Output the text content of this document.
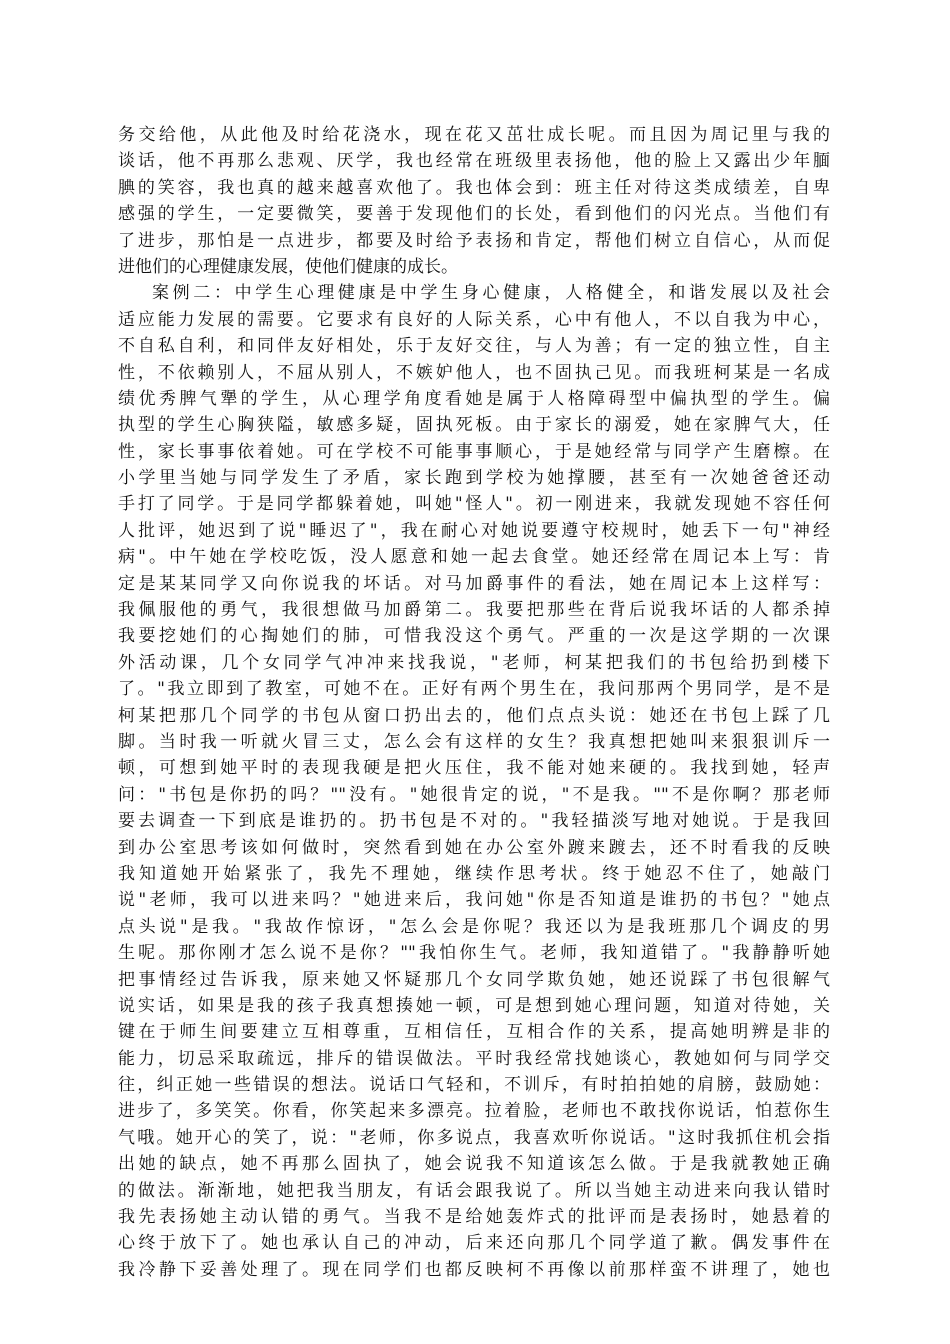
务交给他，从此他及时给花浇水，现在花又茁壮成长呢。而且因为周记里与我的
谈话，他不再那么悲观、厌学，我也经常在班级里表扬他，他的脸上又露出少年腼
腆的笑容，我也真的越来越喜欢他了。我也体会到：班主任对待这类成绩差，自卑
感强的学生，一定要微笑，要善于发现他们的长处，看到他们的闪光点。当他们有
了进步，那怕是一点进步，都要及时给予表扬和肯定，帮他们树立自信心，从而促
进他们的心理健康发展，使他们健康的成长。
案例二：中学生心理健康是中学生身心健康，人格健全，和谐发展以及社会
适应能力发展的需要。它要求有良好的人际关系，心中有他人，不以自我为中心，
不自私自利，和同伴友好相处，乐于友好交往，与人为善；有一定的独立性，自主
性，不依赖别人，不屈从别人，不嫉妒他人，也不固执己见。而我班柯某是一名成
绩优秀脾气犟的学生，从心理学角度看她是属于人格障碍型中偏执型的学生。偏
执型的学生心胸狭隘，敏感多疑，固执死板。由于家长的溺爱，她在家脾气大，任
性，家长事事依着她。可在学校不可能事事顺心，于是她经常与同学产生磨檫。在
小学里当她与同学发生了矛盾，家长跑到学校为她撑腰，甚至有一次她爸爸还动
手打了同学。于是同学都躲着她，叫她"怪人"。初一刚进来，我就发现她不容任何
人批评，她迟到了说"睡迟了"，我在耐心对她说要遵守校规时，她丢下一句"神经
病"。中午她在学校吃饭，没人愿意和她一起去食堂。她还经常在周记本上写：肯
定是某某同学又向你说我的坏话。对马加爵事件的看法，她在周记本上这样写：
我佩服他的勇气，我很想做马加爵第二。我要把那些在背后说我坏话的人都杀掉
我要挖她们的心掏她们的肺，可惜我没这个勇气。严重的一次是这学期的一次课
外活动课，几个女同学气冲冲来找我说，"老师，柯某把我们的书包给扔到楼下
了。"我立即到了教室，可她不在。正好有两个男生在，我问那两个男同学，是不是
柯某把那几个同学的书包从窗口扔出去的，他们点点头说：她还在书包上踩了几
脚。当时我一听就火冒三丈，怎么会有这样的女生？我真想把她叫来狠狠训斥一
顿，可想到她平时的表现我硬是把火压住，我不能对她来硬的。我找到她，轻声
问："书包是你扔的吗？""没有。"她很肯定的说，"不是我。""不是你啊？那老师
要去调查一下到底是谁扔的。扔书包是不对的。"我轻描淡写地对她说。于是我回
到办公室思考该如何做时，突然看到她在办公室外踱来踱去，还不时看我的反映
我知道她开始紧张了，我先不理她，继续作思考状。终于她忍不住了，她敲门
说"老师，我可以进来吗？"她进来后，我问她"你是否知道是谁扔的书包？"她点
点头说"是我。"我故作惊讶，"怎么会是你呢？我还以为是我班那几个调皮的男
生呢。那你刚才怎么说不是你？""我怕你生气。老师，我知道错了。"我静静听她
把事情经过告诉我，原来她又怀疑那几个女同学欺负她，她还说踩了书包很解气
说实话，如果是我的孩子我真想揍她一顿，可是想到她心理问题，知道对待她，关
键在于师生间要建立互相尊重，互相信任，互相合作的关系，提高她明辨是非的
能力，切忌采取疏远，排斥的错误做法。平时我经常找她谈心，教她如何与同学交
往，纠正她一些错误的想法。说话口气轻和，不训斥，有时拍拍她的肩膀，鼓励她：
进步了，多笑笑。你看，你笑起来多漂亮。拉着脸，老师也不敢找你说话，怕惹你生
气哦。她开心的笑了，说："老师，你多说点，我喜欢听你说话。"这时我抓住机会指
出她的缺点，她不再那么固执了，她会说我不知道该怎么做。于是我就教她正确
的做法。渐渐地，她把我当朋友，有话会跟我说了。所以当她主动进来向我认错时
我先表扬她主动认错的勇气。当我不是给她轰炸式的批评而是表扬时，她悬着的
心终于放下了。她也承认自己的冲动，后来还向那几个同学道了歉。偶发事件在
我冷静下妥善处理了。现在同学们也都反映柯不再像以前那样蛮不讲理了，她也
